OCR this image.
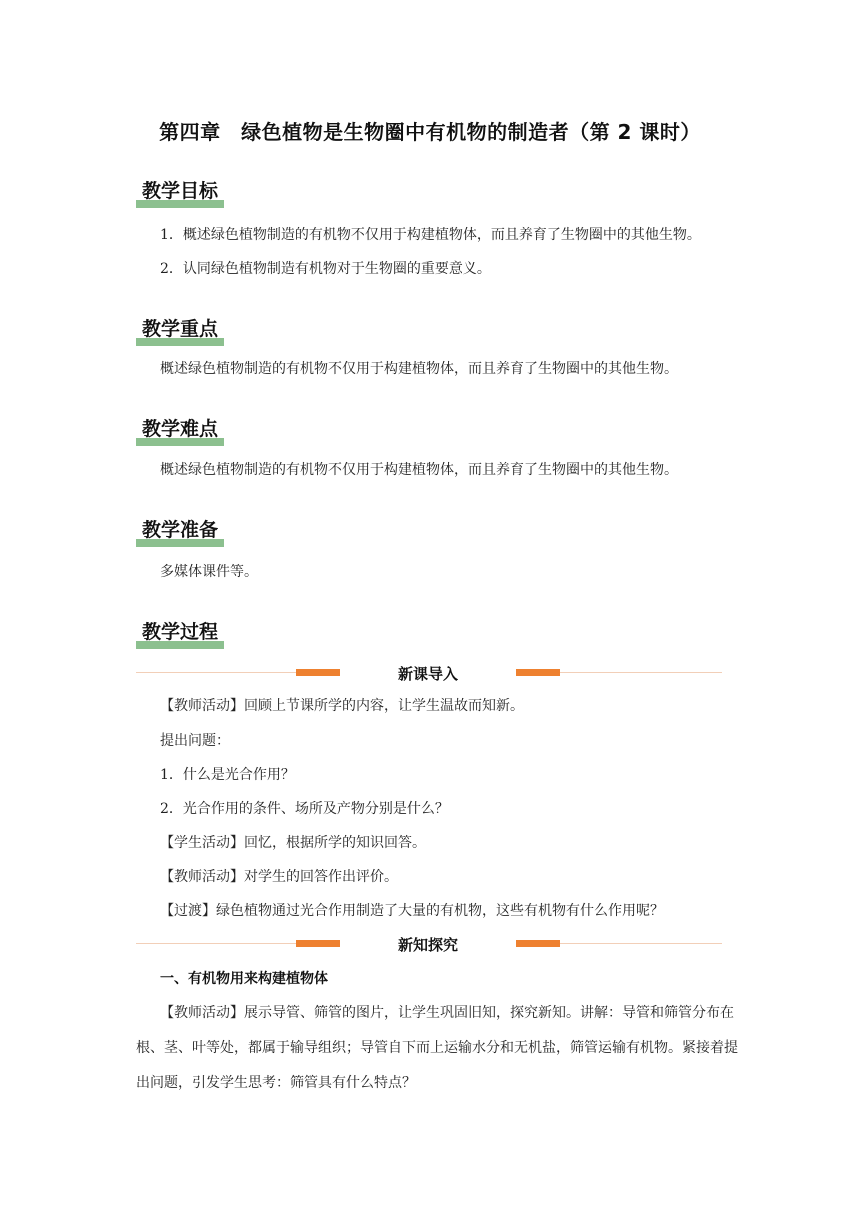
第四章　绿色植物是生物圈中有机物的制造者（第 2 课时）
教学目标
1．概述绿色植物制造的有机物不仅用于构建植物体，而且养育了生物圈中的其他生物。
2．认同绿色植物制造有机物对于生物圈的重要意义。
教学重点
概述绿色植物制造的有机物不仅用于构建植物体，而且养育了生物圈中的其他生物。
教学难点
概述绿色植物制造的有机物不仅用于构建植物体，而且养育了生物圈中的其他生物。
教学准备
多媒体课件等。
教学过程
新课导入
【教师活动】回顾上节课所学的内容，让学生温故而知新。
提出问题：
1．什么是光合作用？
2．光合作用的条件、场所及产物分别是什么？
【学生活动】回忆，根据所学的知识回答。
【教师活动】对学生的回答作出评价。
【过渡】绿色植物通过光合作用制造了大量的有机物，这些有机物有什么作用呢？
新知探究
一、有机物用来构建植物体
【教师活动】展示导管、筛管的图片，让学生巩固旧知，探究新知。讲解：导管和筛管分布在根、茎、叶等处，都属于输导组织；导管自下而上运输水分和无机盐，筛管运输有机物。紧接着提出问题，引发学生思考：筛管具有什么特点？
